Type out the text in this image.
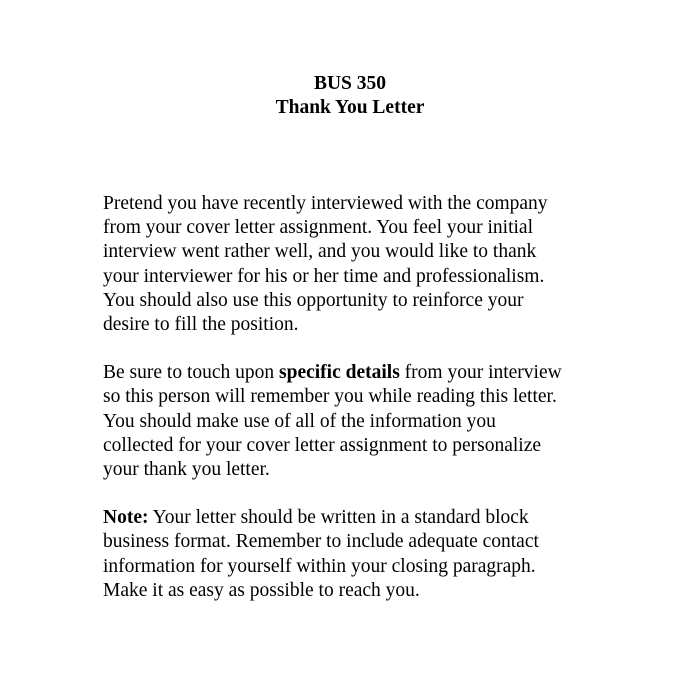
BUS 350
Thank You Letter

Pretend you have recently interviewed with the company
from your cover letter assignment. You feel your initial
interview went rather well, and you would like to thank
your interviewer for his or her time and professionalism.
You should also use this opportunity to reinforce your
desire to fill the position.

Be sure to touch upon specific details from your interview
so this person will remember you while reading this letter.
You should make use of all of the information you
collected for your cover letter assignment to personalize
your thank you letter.

Note: Your letter should be written in a standard block
business format. Remember to include adequate contact
information for yourself within your closing paragraph.
Make it as easy as possible to reach you.
